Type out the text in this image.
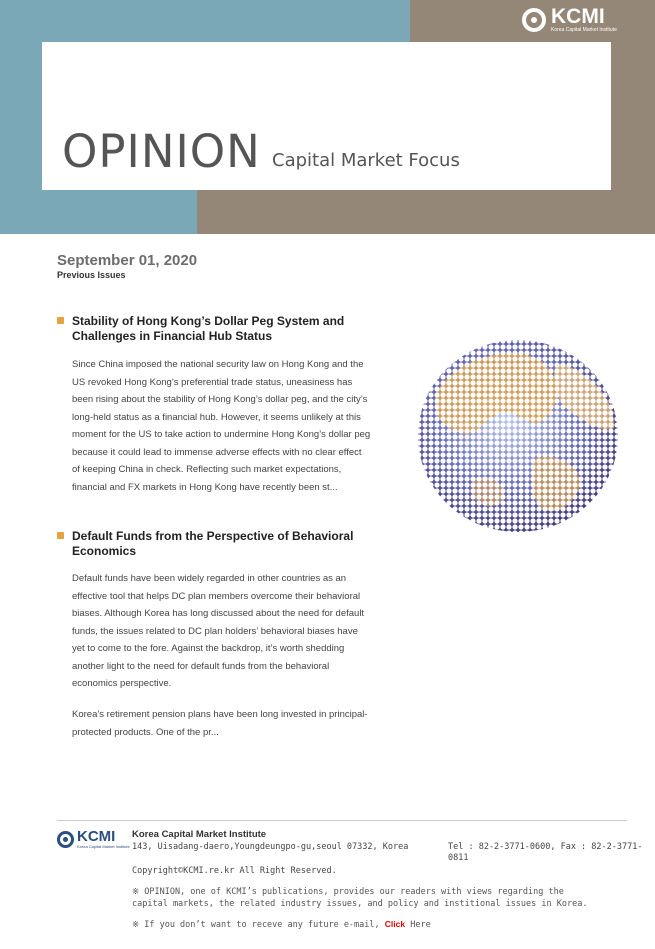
OPINION Capital Market Focus
KCMI
Korea Capital Market Institute
September 01, 2020
Previous Issues
Stability of Hong Kong’s Dollar Peg System and Challenges in Financial Hub Status
Since China imposed the national security law on Hong Kong and the US revoked Hong Kong’s preferential trade status, uneasiness has been rising about the stability of Hong Kong’s dollar peg, and the city’s long-held status as a financial hub. However, it seems unlikely at this moment for the US to take action to undermine Hong Kong’s dollar peg because it could lead to immense adverse effects with no clear effect of keeping China in check. Reflecting such market expectations, financial and FX markets in Hong Kong have recently been st...
Default Funds from the Perspective of Behavioral Economics
Default funds have been widely regarded in other countries as an effective tool that helps DC plan members overcome their behavioral biases. Although Korea has long discussed about the need for default funds, the issues related to DC plan holders’ behavioral biases have yet to come to the fore. Against the backdrop, it’s worth shedding another light to the need for default funds from the behavioral economics perspective.
Korea’s retirement pension plans have been long invested in principal-protected products. One of the pr...
KCMI
Korea Capital Market Institute
Korea Capital Market Institute
143, Uisadang-daero,Youngdeungpo-gu,seoul 07332, Korea	Tel : 82-2-3771-0600, Fax : 82-2-3771-0811
Copyright©KCMI.re.kr All Right Reserved.
※ OPINION, one of KCMI’s publications, provides our readers with views regarding the capital markets, the related industry issues, and policy and institional issues in Korea.
※ If you don’t want to receve any future e-mail, Click Here
